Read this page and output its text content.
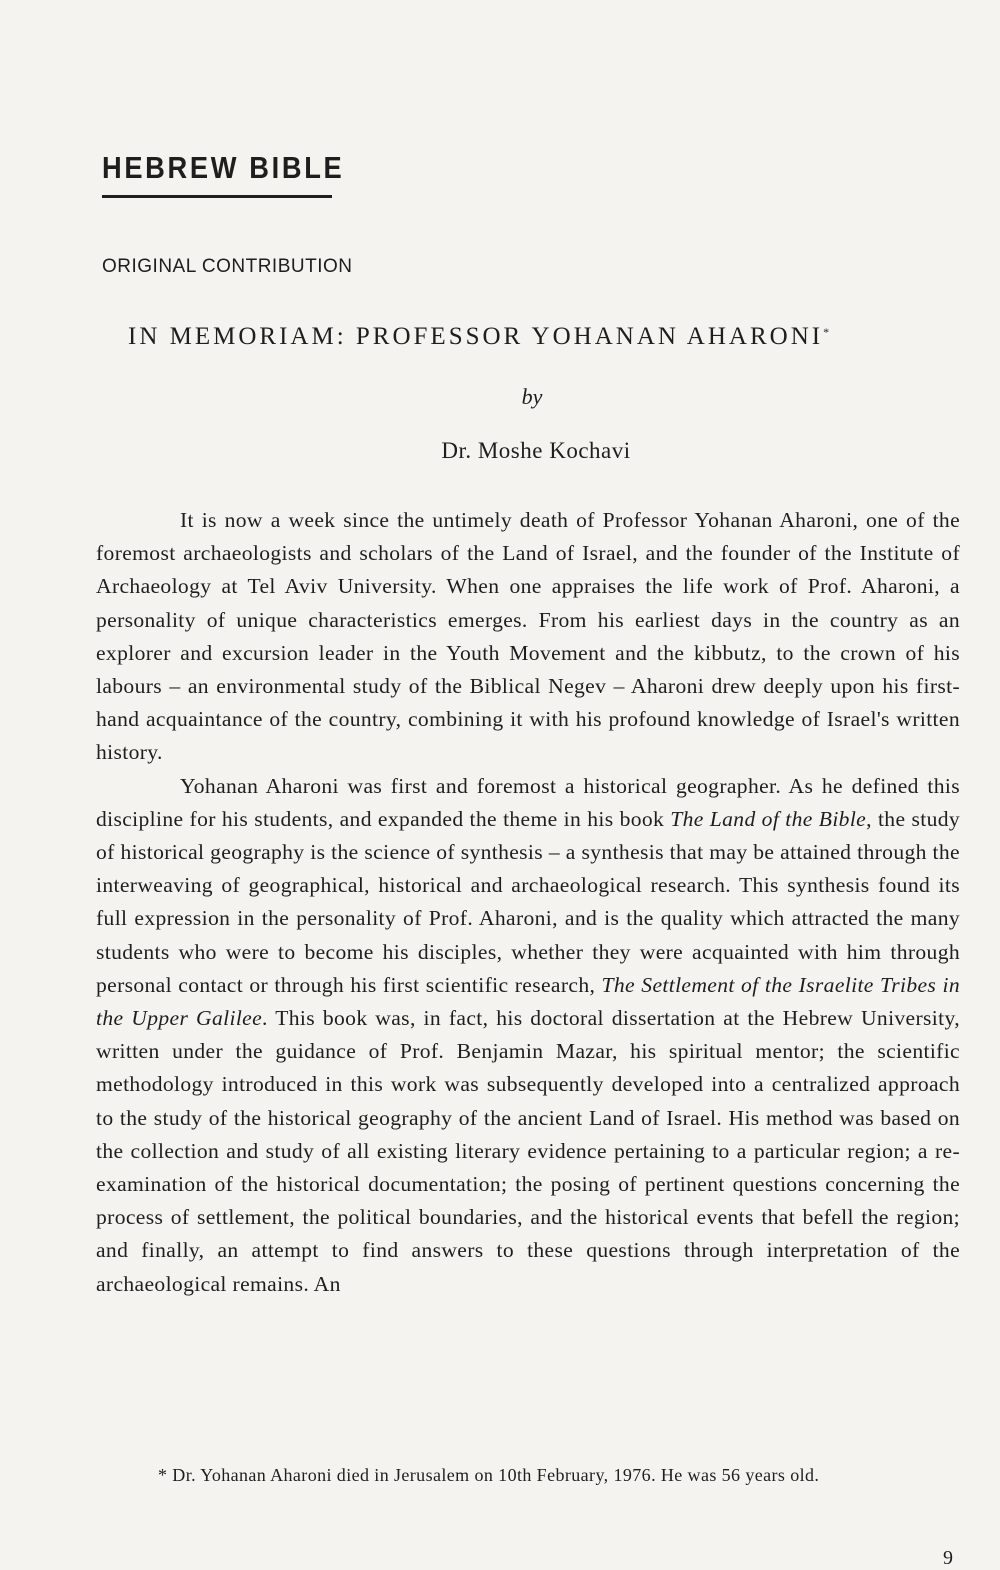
HEBREW BIBLE
ORIGINAL CONTRIBUTION
IN MEMORIAM: PROFESSOR YOHANAN AHARONI*
by
Dr. Moshe Kochavi

It is now a week since the untimely death of Professor Yohanan Aharoni, one of the foremost archaeologists and scholars of the Land of Israel, and the founder of the Institute of Archaeology at Tel Aviv University. When one appraises the life work of Prof. Aharoni, a personality of unique characteristics emerges. From his earliest days in the country as an explorer and excursion leader in the Youth Movement and the kibbutz, to the crown of his labours – an environmental study of the Biblical Negev – Aharoni drew deeply upon his first-hand acquaintance of the country, combining it with his profound knowledge of Israel's written history.

Yohanan Aharoni was first and foremost a historical geographer. As he defined this discipline for his students, and expanded the theme in his book The Land of the Bible, the study of historical geography is the science of synthesis – a synthesis that may be attained through the interweaving of geographical, historical and archaeological research. This synthesis found its full expression in the personality of Prof. Aharoni, and is the quality which attracted the many students who were to become his disciples, whether they were acquainted with him through personal contact or through his first scientific research, The Settlement of the Israelite Tribes in the Upper Galilee. This book was, in fact, his doctoral dissertation at the Hebrew University, written under the guidance of Prof. Benjamin Mazar, his spiritual mentor; the scientific methodology introduced in this work was subsequently developed into a centralized approach to the study of the historical geography of the ancient Land of Israel. His method was based on the collection and study of all existing literary evidence pertaining to a particular region; a re-examination of the historical documentation; the posing of pertinent questions concerning the process of settlement, the political boundaries, and the historical events that befell the region; and finally, an attempt to find answers to these questions through interpretation of the archaeological remains. An

* Dr. Yohanan Aharoni died in Jerusalem on 10th February, 1976. He was 56 years old.
9
